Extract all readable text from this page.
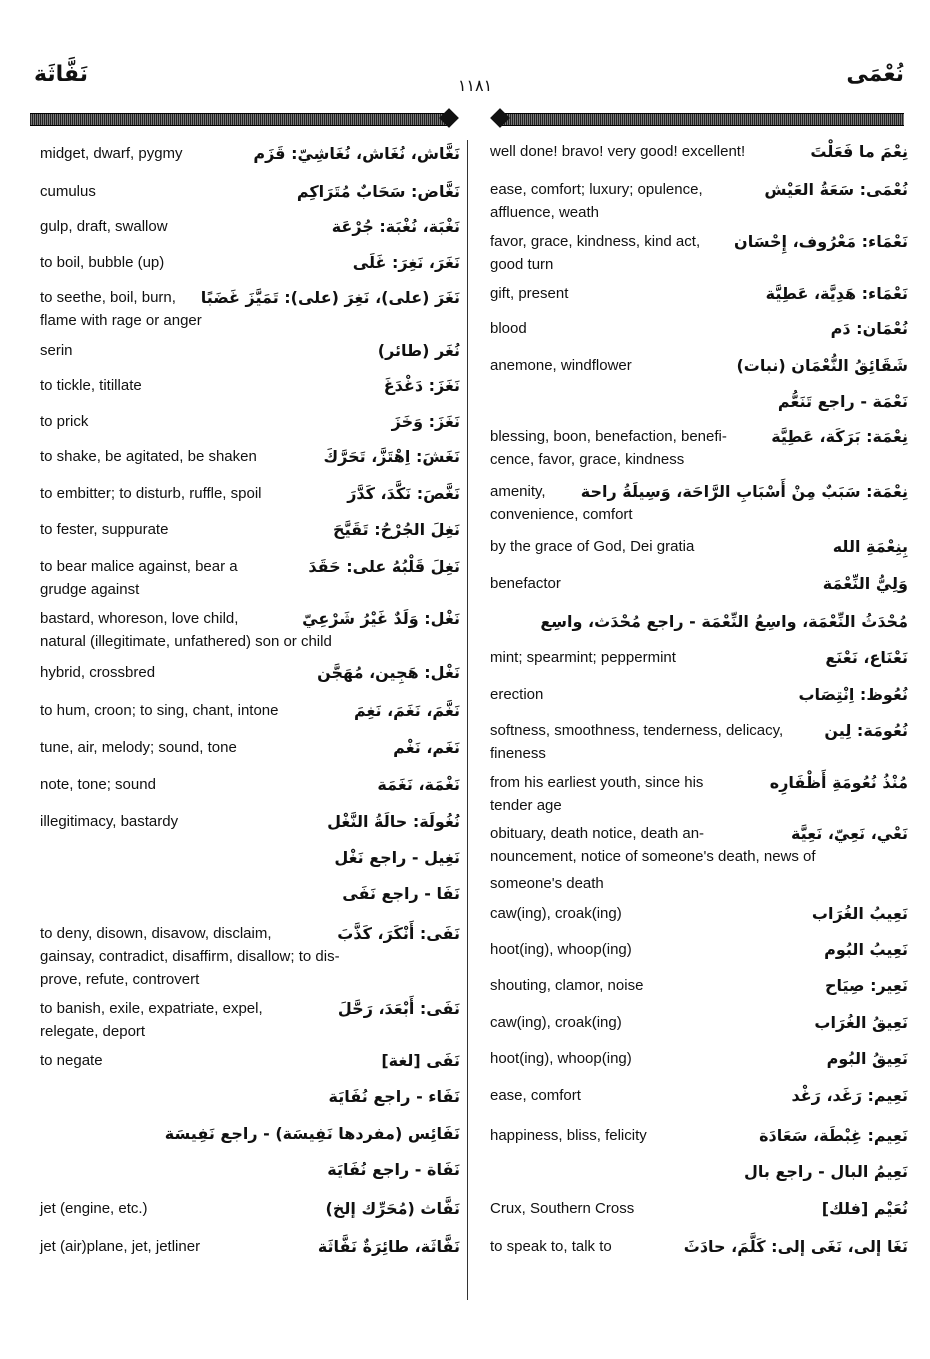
نَفَّاثَة	١١٨١	نُعْمَى
midget, dwarf, pygmy	نَغَّاش، نُغَاش، نُغَاشِيّ: قَزَم
cumulus	نَغَّاض: سَحَابٌ مُتَرَاكِم
gulp, draft, swallow	نَغْبَة، نُغْبَة: جُرْعَة
to boil, bubble (up)	نَغَرَ، نَغِرَ: غَلَى
to seethe, boil, burn, نَغَرَ (على)، نَغِرَ (على): تَمَيَّزَ غَضَبًا
flame with rage or anger
serin	نُغَر (طائر)
to tickle, titillate	نَغَزَ: دَغْدَغَ
to prick	نَغَزَ: وَخَزَ
to shake, be agitated, be shaken	نَغَشَ: اِهْتَزَّ، تَحَرَّكَ
to embitter; to disturb, ruffle, spoil	نَغَّصَ: نَكَّدَ، كَدَّرَ
to fester, suppurate	نَغِلَ الجُرْحُ: تَقَيَّحَ
to bear malice against, bear a	نَغِلَ قَلْبُهُ على: حَقَدَ
grudge against
bastard, whoreson, love child,	نَغْل: وَلَدٌ غَيْرُ شَرْعِيّ
natural (illegitimate, unfathered) son or child
hybrid, crossbred	نَغْل: هَجِين، مُهَجَّن
to hum, croon; to sing, chant, intone	نَغَّمَ، نَغَمَ، نَغِمَ
tune, air, melody; sound, tone	نَغَم، نَغْم
note, tone; sound	نَغْمَة، نَغَمَة
illegitimacy, bastardy	نُغُولَة: حالَةُ النَّغْل
نَغِيل - راجع نَغْل
نَفَا - راجع نَفَى
to deny, disown, disavow, disclaim,	نَفَى: أَنْكَرَ، كَذَّبَ
gainsay, contradict, disaffirm, disallow; to dis-
prove, refute, controvert
to banish, exile, expatriate, expel,	نَفَى: أَبْعَدَ، رَحَّلَ
relegate, deport
to negate	نَفَى [لغة]
نَفَاء - راجع نُفَايَة
نَفَائِس (مفردها نَفِيسَة) - راجع نَفِيسَة
نَفَاة - راجع نُفَايَة
jet (engine, etc.)	نَفَّاث (مُحَرِّك إلخ)
jet (air)plane, jet, jetliner	نَفَّاثَة، طائِرَةٌ نَفَّاثَة
well done! bravo! very good! excellent!	نِعْمَ ما فَعَلْتَ
ease, comfort; luxury; opulence,	نُعْمَى: سَعَةُ العَيْش
affluence, weath
favor, grace, kindness, kind act, نَعْمَاء: مَعْرُوف، إِحْسَان
good turn
gift, present	نَعْمَاء: هَدِيَّة، عَطِيَّة
blood	نُعْمَان: دَم
anemone, windflower	شَقَائِقُ النُّعْمَان (نبات)
نَعْمَة - راجع تَنَعُّم
blessing, boon, benefaction, benefi-	نِعْمَة: بَرَكَة، عَطِيَّة
cence, favor, grace, kindness
amenity, نِعْمَة: سَبَبٌ مِنْ أَسْبَابِ الرَّاحَة، وَسِيلَةُ راحة
convenience, comfort
by the grace of God, Dei gratia	بِنِعْمَةِ الله
benefactor	وَلِيُّ النِّعْمَة
مُحْدَثُ النِّعْمَة، واسِعُ النِّعْمَة - راجع مُحْدَث، واسِع
mint; spearmint; peppermint	نَعْنَاع، نَعْنَع
erection	نُعُوظ: اِنْتِصَاب
softness, smoothness, tenderness, delicacy,	نُعُومَة: لِين
fineness
from his earliest youth, since his	مُنْذُ نُعُومَةِ أَظْفَارِه
tender age
obituary, death notice, death an-	نَعْي، نَعِيّ، نَعِيَّة
nouncement, notice of someone's death, news of
someone's death
caw(ing), croak(ing)	نَعِيبُ الغُرَاب
hoot(ing), whoop(ing)	نَعِيبُ البُوم
shouting, clamor, noise	نَعِير: صِيَاح
caw(ing), croak(ing)	نَعِيقُ الغُرَاب
hoot(ing), whoop(ing)	نَعِيقُ البُوم
ease, comfort	نَعِيم: رَغَد، رَغْد
happiness, bliss, felicity	نَعِيم: غِبْطَة، سَعَادَة
نَعِيمُ البال - راجع بال
Crux, Southern Cross	نُعَيْم [فلك]
to speak to, talk to	نَغَا إلى، نَغَى إلى: كَلَّمَ، حادَثَ
